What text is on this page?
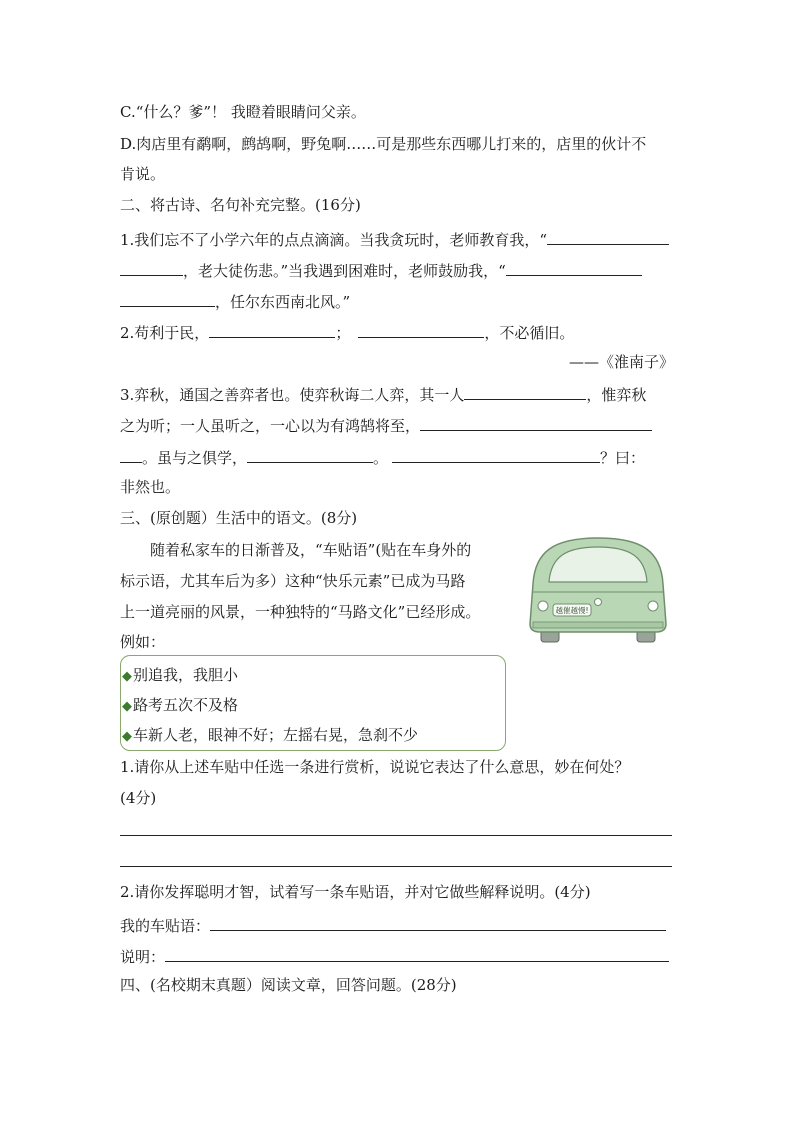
C.“什么？爹”！ 我瞪着眼睛问父亲。
D.肉店里有鹬啊，鹧鸪啊，野兔啊……可是那些东西哪儿打来的，店里的伙计不
肯说。
二、将古诗、名句补充完整。(16分)
1.我们忘不了小学六年的点点滴滴。当我贪玩时，老师教育我，“
，老大徒伤悲。”当我遇到困难时，老师鼓励我，“
，任尔东西南北风。”
2.苟利于民，	；	，不必循旧。
——《淮南子》
3.弈秋，通国之善弈者也。使弈秋诲二人弈，其一人	，惟弈秋
之为听；一人虽听之，一心以为有鸿鹄将至，
。虽与之俱学，	。	？曰：
非然也。
三、(原创题）生活中的语文。(8分)
随着私家车的日渐普及，“车贴语”(贴在车身外的
标示语，尤其车后为多）这种“快乐元素”已成为马路
上一道亮丽的风景，一种独特的“马路文化”已经形成。
例如：
越催越慢!
◆别追我，我胆小
◆路考五次不及格
◆车新人老，眼神不好；左摇右晃，急刹不少
1.请你从上述车贴中任选一条进行赏析，说说它表达了什么意思，妙在何处？
(4分)
2.请你发挥聪明才智，试着写一条车贴语，并对它做些解释说明。(4分)
我的车贴语：
说明：
四、(名校期末真题）阅读文章，回答问题。(28分)
